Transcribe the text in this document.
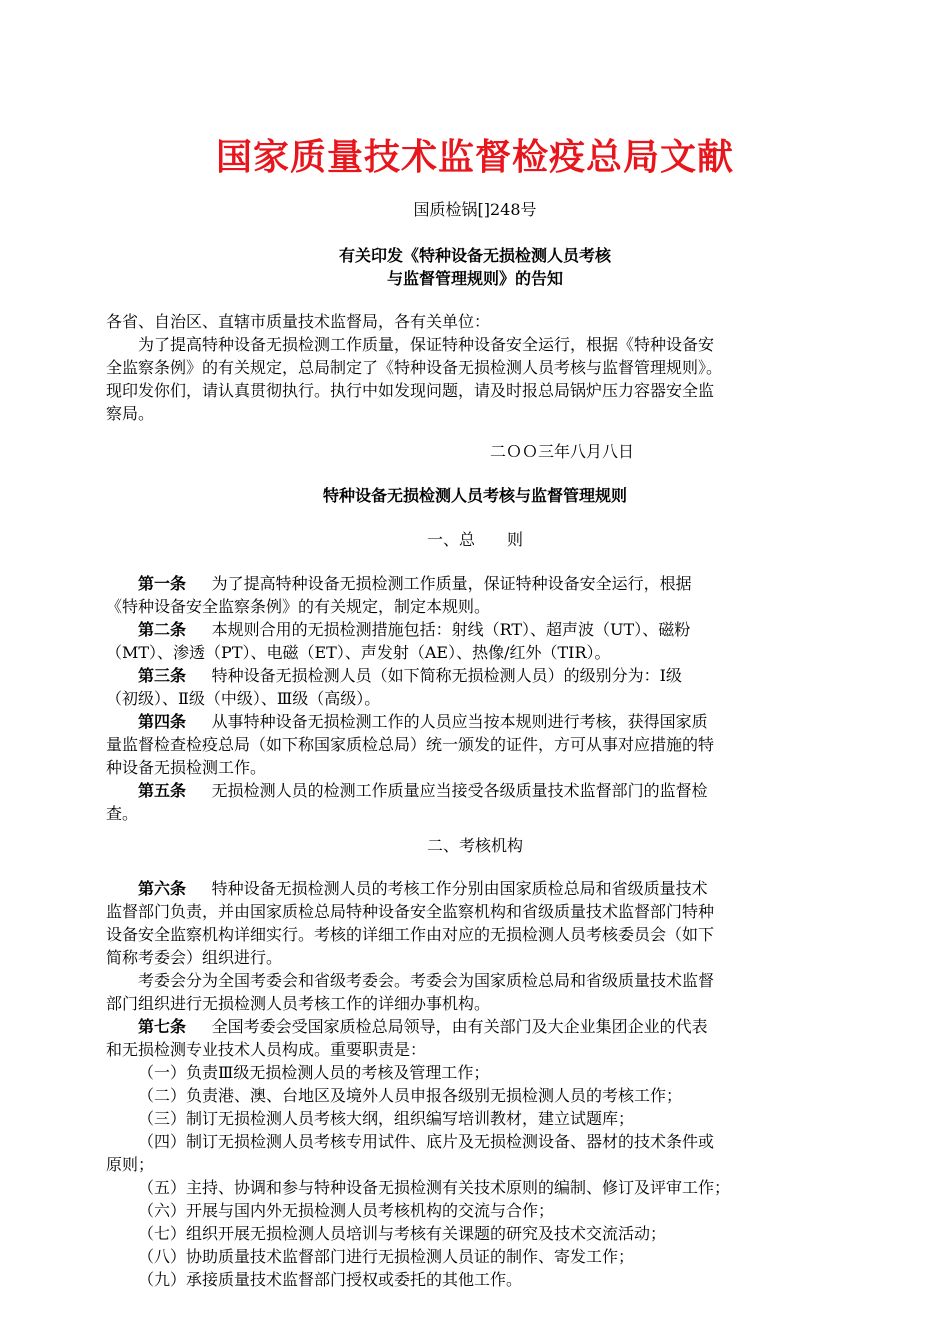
国家质量技术监督检疫总局文献
国质检锅[]248号
有关印发《特种设备无损检测人员考核
与监督管理规则》的告知
各省、自治区、直辖市质量技术监督局，各有关单位：
为了提高特种设备无损检测工作质量，保证特种设备安全运行，根据《特种设备安
全监察条例》的有关规定，总局制定了《特种设备无损检测人员考核与监督管理规则》。
现印发你们，请认真贯彻执行。执行中如发现问题，请及时报总局锅炉压力容器安全监
察局。
二ＯＯ三年八月八日
特种设备无损检测人员考核与监督管理规则
一、总　　则
第一条 为了提高特种设备无损检测工作质量，保证特种设备安全运行，根据
《特种设备安全监察条例》的有关规定，制定本规则。
第二条 本规则合用的无损检测措施包括：射线（RT）、超声波（UT）、磁粉
（MT）、渗透（PT）、电磁（ET）、声发射（AE）、热像/红外（TIR）。
第三条 特种设备无损检测人员（如下简称无损检测人员）的级别分为：Ⅰ级
（初级）、Ⅱ级（中级）、Ⅲ级（高级）。
第四条 从事特种设备无损检测工作的人员应当按本规则进行考核，获得国家质
量监督检查检疫总局（如下称国家质检总局）统一颁发的证件，方可从事对应措施的特
种设备无损检测工作。
第五条 无损检测人员的检测工作质量应当接受各级质量技术监督部门的监督检
查。
二、考核机构
第六条 特种设备无损检测人员的考核工作分别由国家质检总局和省级质量技术
监督部门负责，并由国家质检总局特种设备安全监察机构和省级质量技术监督部门特种
设备安全监察机构详细实行。考核的详细工作由对应的无损检测人员考核委员会（如下
简称考委会）组织进行。
考委会分为全国考委会和省级考委会。考委会为国家质检总局和省级质量技术监督
部门组织进行无损检测人员考核工作的详细办事机构。
第七条 全国考委会受国家质检总局领导，由有关部门及大企业集团企业的代表
和无损检测专业技术人员构成。重要职责是：
（一）负责Ⅲ级无损检测人员的考核及管理工作；
（二）负责港、澳、台地区及境外人员申报各级别无损检测人员的考核工作；
（三）制订无损检测人员考核大纲，组织编写培训教材，建立试题库；
（四）制订无损检测人员考核专用试件、底片及无损检测设备、器材的技术条件或
原则；
（五）主持、协调和参与特种设备无损检测有关技术原则的编制、修订及评审工作；
（六）开展与国内外无损检测人员考核机构的交流与合作；
（七）组织开展无损检测人员培训与考核有关课题的研究及技术交流活动；
（八）协助质量技术监督部门进行无损检测人员证的制作、寄发工作；
（九）承接质量技术监督部门授权或委托的其他工作。
